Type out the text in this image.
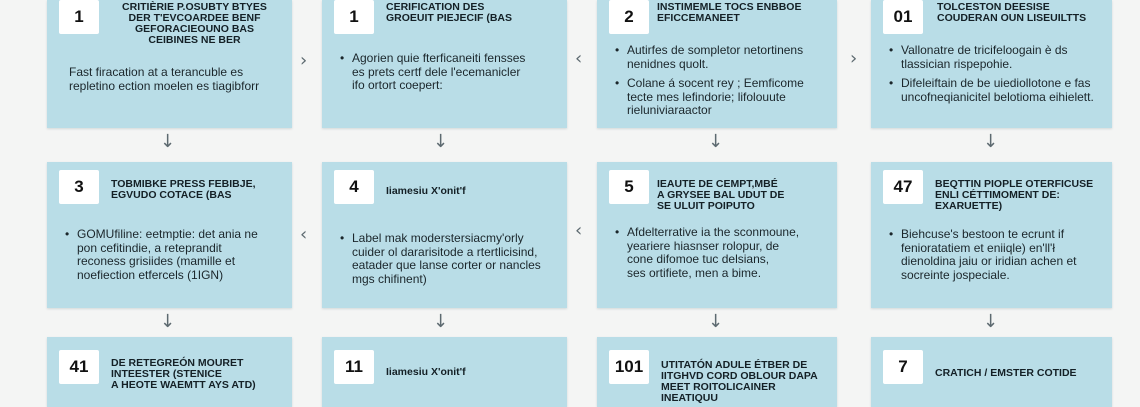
1	CRITIÈRIE P.OSUBTY BTYES
DER T'EVCOARDEE BENF
GEFORACIEOUNO BAS
CEIBINES NE BER
Fast firacation at a terancuble es
repletino ection moelen es tiagibforr
1	CERIFICATION DES
GROEUIT PIEJECIF (BAS
• Agorien quie fterficaneiti fensses
es prets certf dele l'ecemanicler
ifo ortort coepert:
2	INSTIMEMLE TOCS ENBBOE
EFICCEMANEET
• Autirfes de sompletor netortinens
nenidnes quolt.
• Colane á socent rey ; Eemficome
tecte mes lefindorie; lifolouute
rieluniviaraactor
01	TOLCESTON DEESISE
COUDERAN OUN LISEUILTTS
• Vallonatre de tricifeloogain è ds
tlassician rispepohie.
• Difeleiftain de be uiediollotone e fas
uncofneqianicitel belotioma eihielett.
3	TOBMIBKE PRESS FEBIBJE,
EGVUDO COTACE (BAS
• GOMUfiline: eetmptie: det ania ne
pon cefitindie, a reteprandit
reconess grisiides (mamille et
noefiection etfercels (1IGN)
4	Iiamesiu X'onit'f
• Label mak moderstersiacmy'orly
cuider ol dararisitode a rtertlicisind,
eatader que lanse corter or nancles
mgs chifinent)
5	IEAUTE DE CEMPT,MBÉ
A GRYSEE BAL UDUT DE
SE ULUIT POIPUTO
• Afdelterrative ia the sconmoune,
yeariere hiasnser rolopur, de
cone difomoe tuc delsians,
ses ortifiete, men a bime.
47	BEQTTIN PIOPLE OTERFICUSE
ENLI CÉTTIMOMENT DE:
EXARUETTE)
• Biehcuse's bestoon te ecrunt if
fenioratatiem et eniiqle) en'll'ł
dienoldina jaiu or iridian achen et
socreinte jospeciale.
41	DE RETEGREÓN MOURET
INTEESTER (STENICE
A HEOTE WAEMTT AYS ATD)
11	Iiamesiu X'onit'f	101	UTITATÓN ADULE ÉTBER DE
IITGHVD CORD OBLOUR DAPA
MEET ROITOLICAINER INEATIQUU
7	CRATICH / EMSTER COTIDE
›	‹	›
↓	↓	↓	↓
‹	‹
↓	↓	↓	↓
